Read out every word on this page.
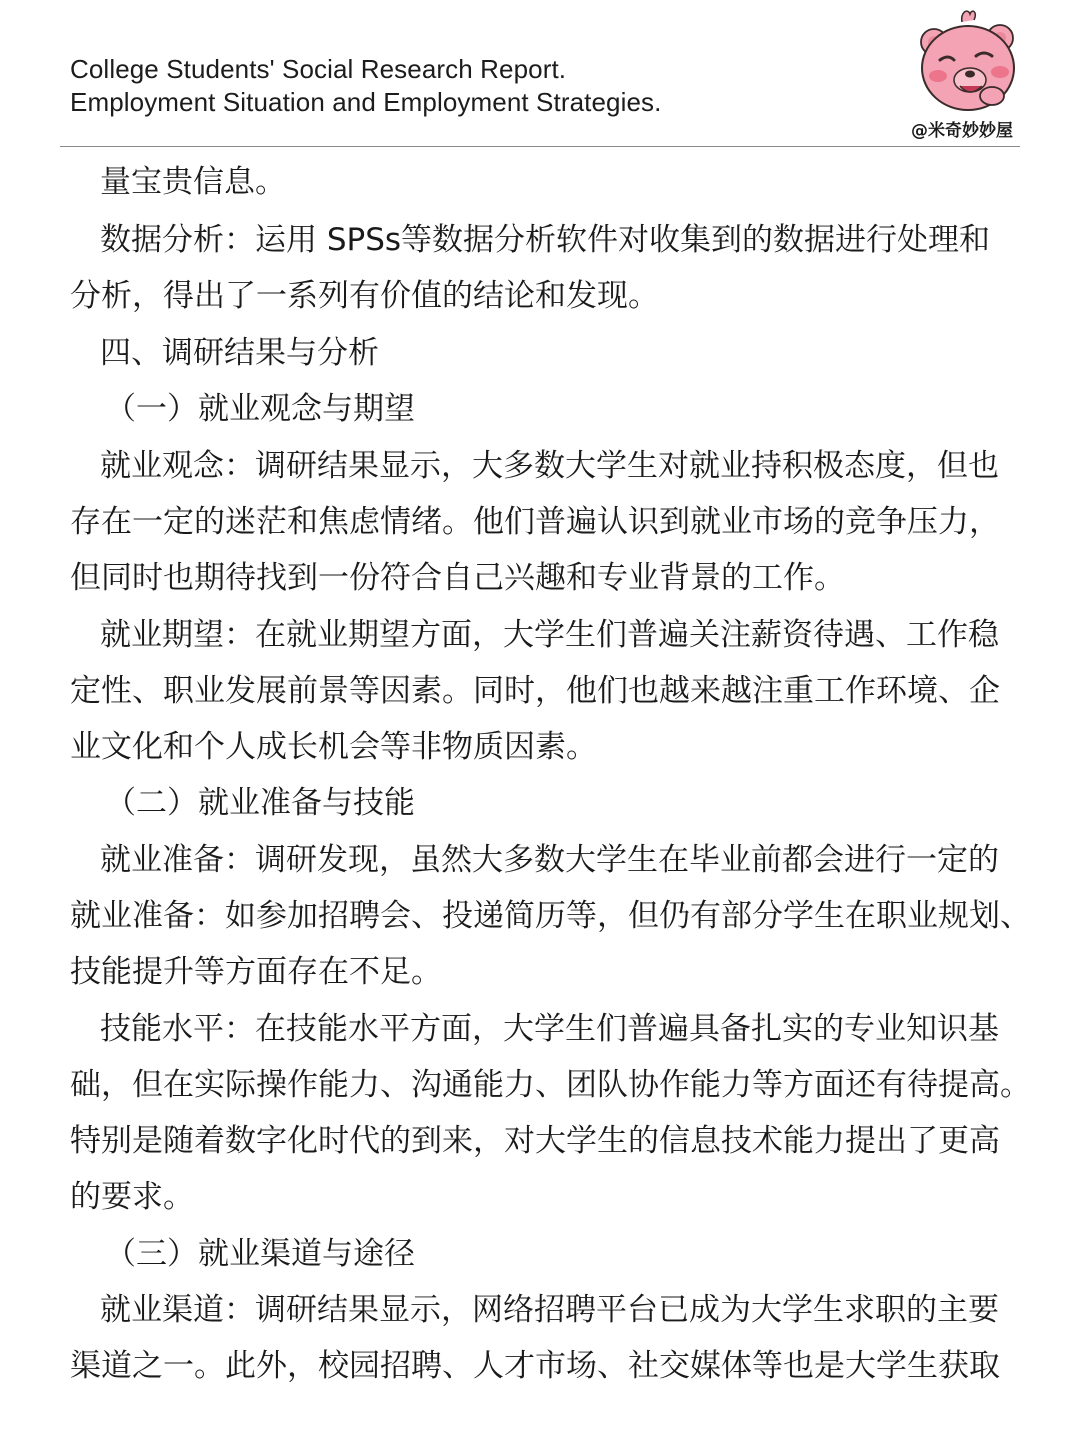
College Students' Social Research Report.
Employment Situation and Employment Strategies.
@米奇妙妙屋
量宝贵信息。
数据分析：运用 SPSs等数据分析软件对收集到的数据进行处理和
分析，得出了一系列有价值的结论和发现。
四、调研结果与分析
（一）就业观念与期望
就业观念：调研结果显示，大多数大学生对就业持积极态度，但也
存在一定的迷茫和焦虑情绪。他们普遍认识到就业市场的竞争压力，
但同时也期待找到一份符合自己兴趣和专业背景的工作。
就业期望：在就业期望方面，大学生们普遍关注薪资待遇、工作稳
定性、职业发展前景等因素。同时，他们也越来越注重工作环境、企
业文化和个人成长机会等非物质因素。
（二）就业准备与技能
就业准备：调研发现，虽然大多数大学生在毕业前都会进行一定的
就业准备：如参加招聘会、投递简历等，但仍有部分学生在职业规划、
技能提升等方面存在不足。
技能水平：在技能水平方面，大学生们普遍具备扎实的专业知识基
础，但在实际操作能力、沟通能力、团队协作能力等方面还有待提高。
特别是随着数字化时代的到来，对大学生的信息技术能力提出了更高
的要求。
（三）就业渠道与途径
就业渠道：调研结果显示，网络招聘平台已成为大学生求职的主要
渠道之一。此外，校园招聘、人才市场、社交媒体等也是大学生获取
